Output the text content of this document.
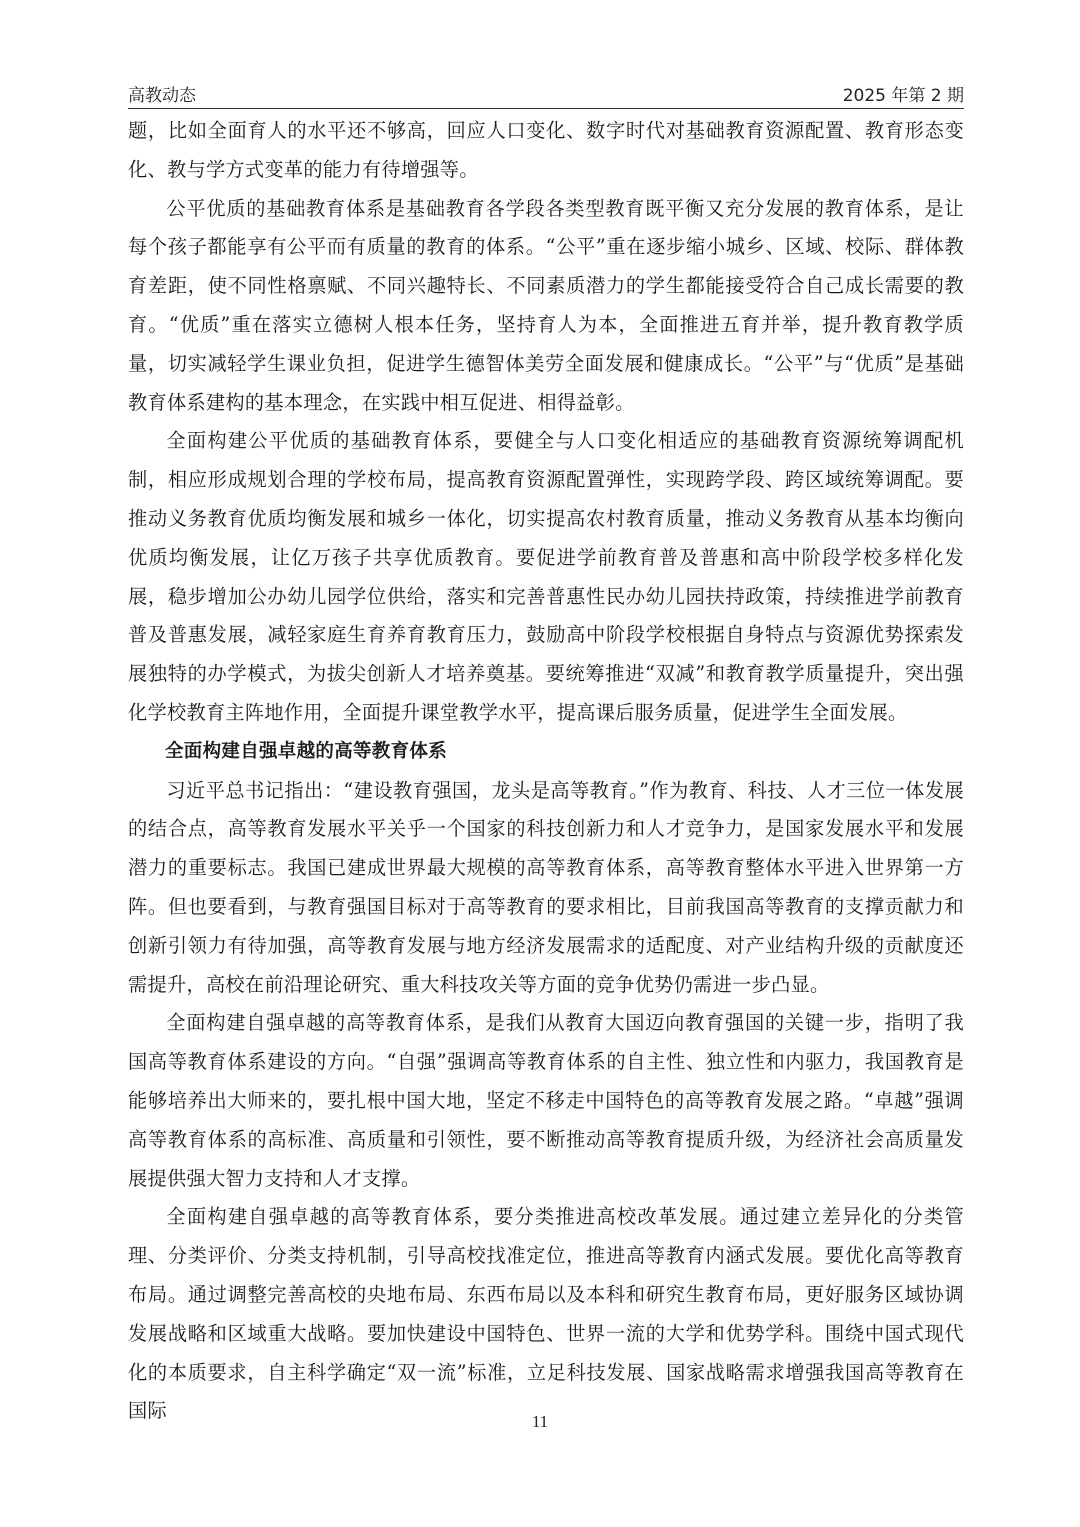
高教动态	2025 年第 2 期

题，比如全面育人的水平还不够高，回应人口变化、数字时代对基础教育资源配置、教育形态变化、教与学方式变革的能力有待增强等。

公平优质的基础教育体系是基础教育各学段各类型教育既平衡又充分发展的教育体系，是让每个孩子都能享有公平而有质量的教育的体系。“公平”重在逐步缩小城乡、区域、校际、群体教育差距，使不同性格禀赋、不同兴趣特长、不同素质潜力的学生都能接受符合自己成长需要的教育。“优质”重在落实立德树人根本任务，坚持育人为本，全面推进五育并举，提升教育教学质量，切实减轻学生课业负担，促进学生德智体美劳全面发展和健康成长。“公平”与“优质”是基础教育体系建构的基本理念，在实践中相互促进、相得益彰。

全面构建公平优质的基础教育体系，要健全与人口变化相适应的基础教育资源统筹调配机制，相应形成规划合理的学校布局，提高教育资源配置弹性，实现跨学段、跨区域统筹调配。要推动义务教育优质均衡发展和城乡一体化，切实提高农村教育质量，推动义务教育从基本均衡向优质均衡发展，让亿万孩子共享优质教育。要促进学前教育普及普惠和高中阶段学校多样化发展，稳步增加公办幼儿园学位供给，落实和完善普惠性民办幼儿园扶持政策，持续推进学前教育普及普惠发展，减轻家庭生育养育教育压力，鼓励高中阶段学校根据自身特点与资源优势探索发展独特的办学模式，为拔尖创新人才培养奠基。要统筹推进“双减”和教育教学质量提升，突出强化学校教育主阵地作用，全面提升课堂教学水平，提高课后服务质量，促进学生全面发展。

全面构建自强卓越的高等教育体系

习近平总书记指出：“建设教育强国，龙头是高等教育。”作为教育、科技、人才三位一体发展的结合点，高等教育发展水平关乎一个国家的科技创新力和人才竞争力，是国家发展水平和发展潜力的重要标志。我国已建成世界最大规模的高等教育体系，高等教育整体水平进入世界第一方阵。但也要看到，与教育强国目标对于高等教育的要求相比，目前我国高等教育的支撑贡献力和创新引领力有待加强，高等教育发展与地方经济发展需求的适配度、对产业结构升级的贡献度还需提升，高校在前沿理论研究、重大科技攻关等方面的竞争优势仍需进一步凸显。

全面构建自强卓越的高等教育体系，是我们从教育大国迈向教育强国的关键一步，指明了我国高等教育体系建设的方向。“自强”强调高等教育体系的自主性、独立性和内驱力，我国教育是能够培养出大师来的，要扎根中国大地，坚定不移走中国特色的高等教育发展之路。“卓越”强调高等教育体系的高标准、高质量和引领性，要不断推动高等教育提质升级，为经济社会高质量发展提供强大智力支持和人才支撑。

全面构建自强卓越的高等教育体系，要分类推进高校改革发展。通过建立差异化的分类管理、分类评价、分类支持机制，引导高校找准定位，推进高等教育内涵式发展。要优化高等教育布局。通过调整完善高校的央地布局、东西布局以及本科和研究生教育布局，更好服务区域协调发展战略和区域重大战略。要加快建设中国特色、世界一流的大学和优势学科。围绕中国式现代化的本质要求，自主科学确定“双一流”标准，立足科技发展、国家战略需求增强我国高等教育在国际	11
